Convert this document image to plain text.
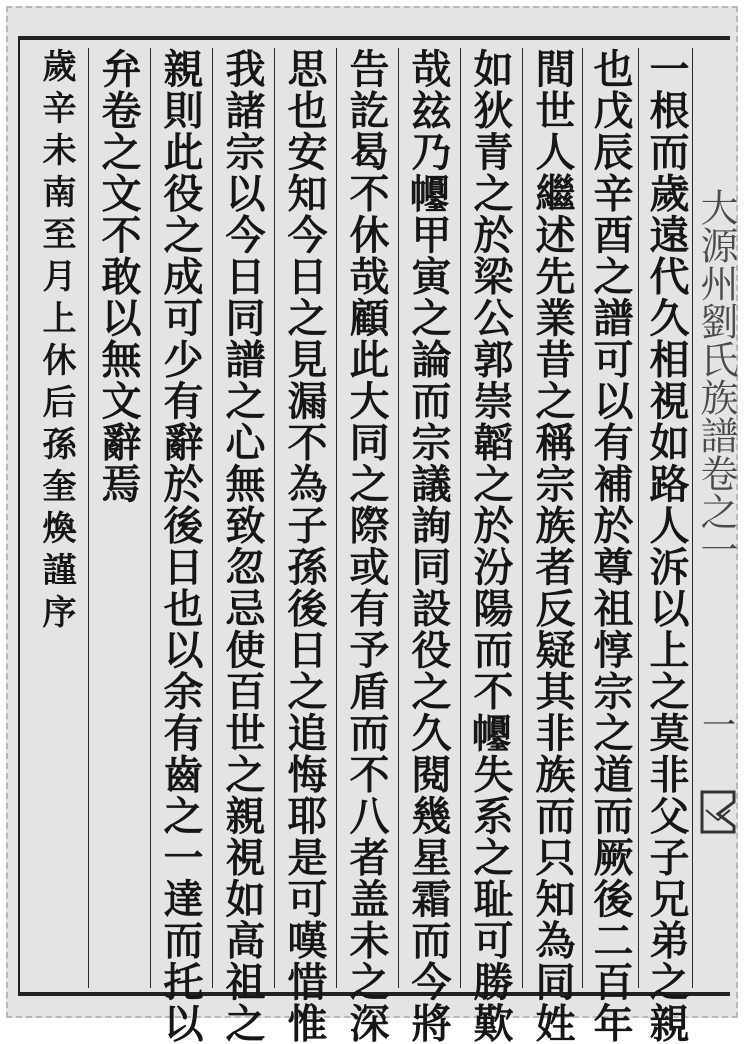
大源州劉氏族譜卷之一
一
一根而歲遠代久相視如路人泝以上之莫非父子兄弟之親
也戊辰辛酉之譜可以有補於尊祖惇宗之道而厥後二百年
間世人繼述先業昔之稱宗族者反疑其非族而只知為同姓
如狄青之於梁公郭崇韜之於汾陽而不𢆀失系之耻可勝歎
哉玆乃𢆀甲寅之論而宗議詢同設役之久閱幾星霜而今將
告訖曷不休哉顧此大同之際或有予盾而不八者盖未之深
思也安知今日之見漏不為子孫後日之追悔耶是可嘆惜惟
我諸宗以今日同譜之心無致忽忌使百世之親視如高祖之
親則此役之成可少有辭於後日也以余有齒之一達而托以
弁卷之文不敢以無文辭焉
歲辛未南至月上休后孫奎煥謹序
